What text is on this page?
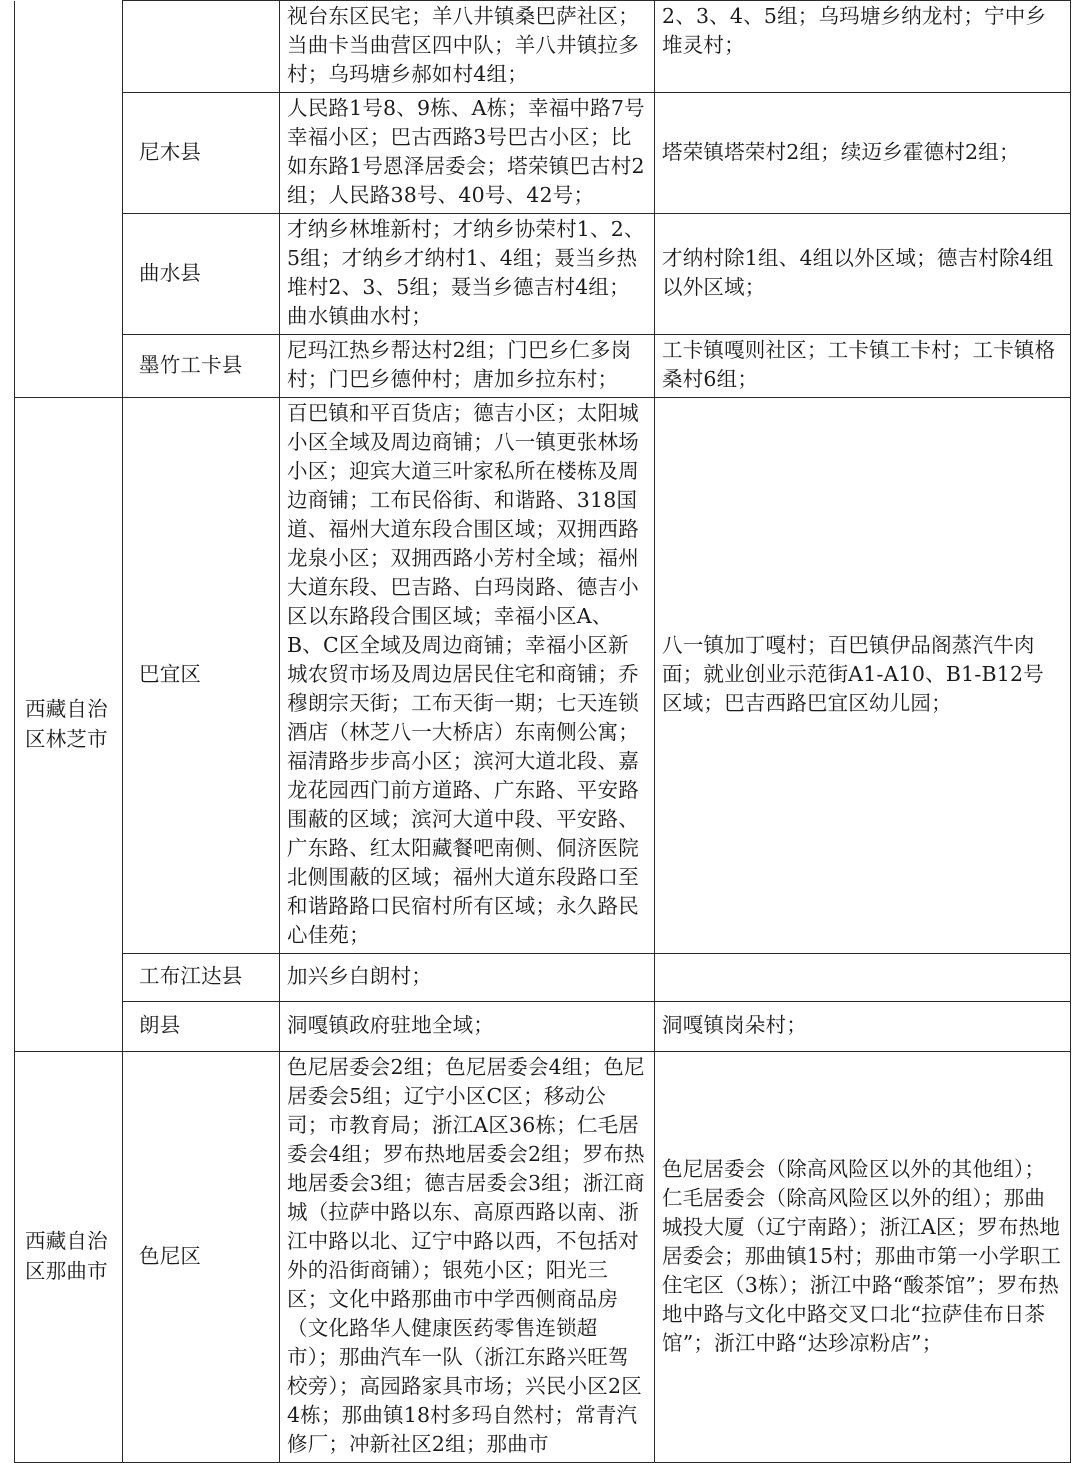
		视台东区民宅；羊八井镇桑巴萨社区；当曲卡当曲营区四中队；羊八井镇拉多村；乌玛塘乡郝如村4组；	2、3、4、5组；乌玛塘乡纳龙村；宁中乡堆灵村；
	尼木县	人民路1号8、9栋、A栋；幸福中路7号幸福小区；巴古西路3号巴古小区；比如东路1号恩泽居委会；塔荣镇巴古村2组；人民路38号、40号、42号；	塔荣镇塔荣村2组；续迈乡霍德村2组；
	曲水县	才纳乡林堆新村；才纳乡协荣村1、2、5组；才纳乡才纳村1、4组；聂当乡热堆村2、3、5组；聂当乡德吉村4组；曲水镇曲水村；	才纳村除1组、4组以外区域；德吉村除4组以外区域；
	墨竹工卡县	尼玛江热乡帮达村2组；门巴乡仁多岗村；门巴乡德仲村；唐加乡拉东村；	工卡镇嘎则社区；工卡镇工卡村；工卡镇格桑村6组；
西藏自治区林芝市	巴宜区	百巴镇和平百货店；德吉小区；太阳城小区全域及周边商铺；八一镇更张林场小区；迎宾大道三叶家私所在楼栋及周边商铺；工布民俗街、和谐路、318国道、福州大道东段合围区域；双拥西路龙泉小区；双拥西路小芳村全域；福州大道东段、巴吉路、白玛岗路、德吉小区以东路段合围区域；幸福小区A、B、C区全域及周边商铺；幸福小区新城农贸市场及周边居民住宅和商铺；乔穆朗宗天街；工布天街一期；七天连锁酒店（林芝八一大桥店）东南侧公寓；福清路步步高小区；滨河大道北段、嘉龙花园西门前方道路、广东路、平安路围蔽的区域；滨河大道中段、平安路、广东路、红太阳藏餐吧南侧、侗济医院北侧围蔽的区域；福州大道东段路口至和谐路路口民宿村所有区域；永久路民心佳苑；	八一镇加丁嘎村；百巴镇伊品阁蒸汽牛肉面；就业创业示范街A1-A10、B1-B12号区域；巴吉西路巴宜区幼儿园；
	工布江达县	加兴乡白朗村；	
	朗县	洞嘎镇政府驻地全域；	洞嘎镇岗朵村；
西藏自治区那曲市	色尼区	色尼居委会2组；色尼居委会4组；色尼居委会5组；辽宁小区C区；移动公司；市教育局；浙江A区36栋；仁毛居委会4组；罗布热地居委会2组；罗布热地居委会3组；德吉居委会3组；浙江商城（拉萨中路以东、高原西路以南、浙江中路以北、辽宁中路以西，不包括对外的沿街商铺）；银苑小区；阳光三区；文化中路那曲市中学西侧商品房（文化路华人健康医药零售连锁超市）；那曲汽车一队（浙江东路兴旺驾校旁）；高园路家具市场；兴民小区2区4栋；那曲镇18村多玛自然村；常青汽修厂；冲新社区2组；那曲市	色尼居委会（除高风险区以外的其他组）；仁毛居委会（除高风险区以外的组）；那曲城投大厦（辽宁南路）；浙江A区；罗布热地居委会；那曲镇15村；那曲市第一小学职工住宅区（3栋）；浙江中路“酸茶馆”；罗布热地中路与文化中路交叉口北“拉萨佳布日茶馆”；浙江中路“达珍凉粉店”；
